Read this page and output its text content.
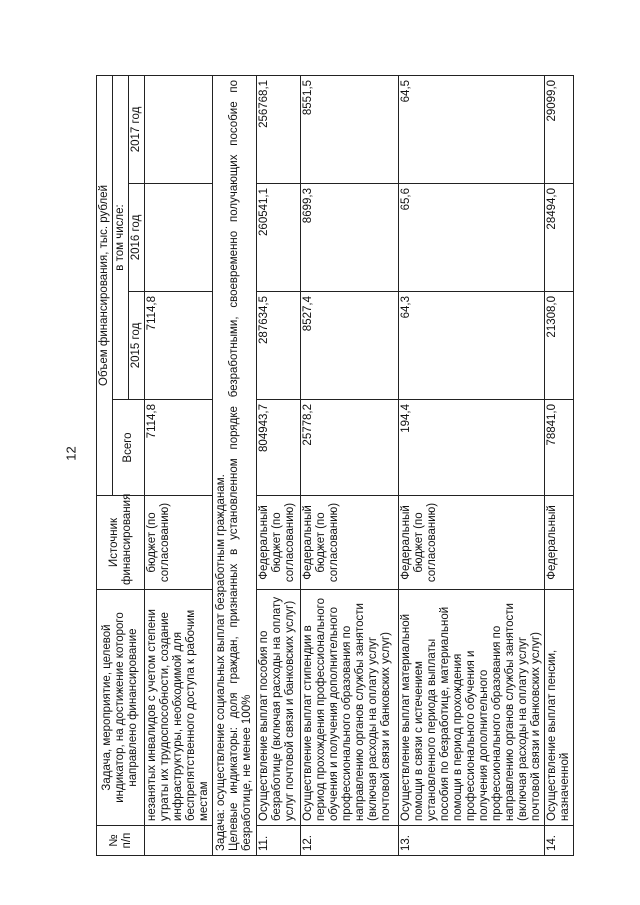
12
№ п/п	Задача, мероприятие, целевой индикатор, на достижение которого направлено финансирование	Источник финансирования	Объем финансирования, тыс. рублей			
			Всего	в том числе:		
				2015 год	2016 год	2017 год
	незанятых инвалидов с учетом степени утраты их трудоспособности, создание инфраструктуры, необходимой для беспрепятственного доступа к рабочим местам	бюджет (по согласованию)	7114,8	7114,8		

Задача: осуществление социальных выплат безработным гражданам. Целевые индикаторы: доля граждан, признанных в установленном порядке безработными, своевременно получающих пособие по безработице, не менее 100%						

11.	Осуществление выплат пособия по безработице (включая расходы на оплату услуг почтовой связи и банковских услуг)	Федеральный бюджет (по согласованию)	804943,7	287634,5	260541,1	256768,1
12.	Осуществление выплат стипендии в период прохождения профессионального обучения и получения дополнительного профессионального образования по направлению органов службы занятости (включая расходы на оплату услуг почтовой связи и банковских услуг)	Федеральный бюджет (по согласованию)	25778,2	8527,4	8699,3	8551,5
13.	Осуществление выплат материальной помощи в связи с истечением установленного периода выплаты пособия по безработице, материальной помощи в период прохождения профессионального обучения и получения дополнительного профессионального образования по направлению органов службы занятости (включая расходы на оплату услуг почтовой связи и банковских услуг)	Федеральный бюджет (по согласованию)	194,4	64,3	65,6	64,5
14.	Осуществление выплат пенсии, назначенной	Федеральный	78841,0	21308,0	28494,0	29099,0
